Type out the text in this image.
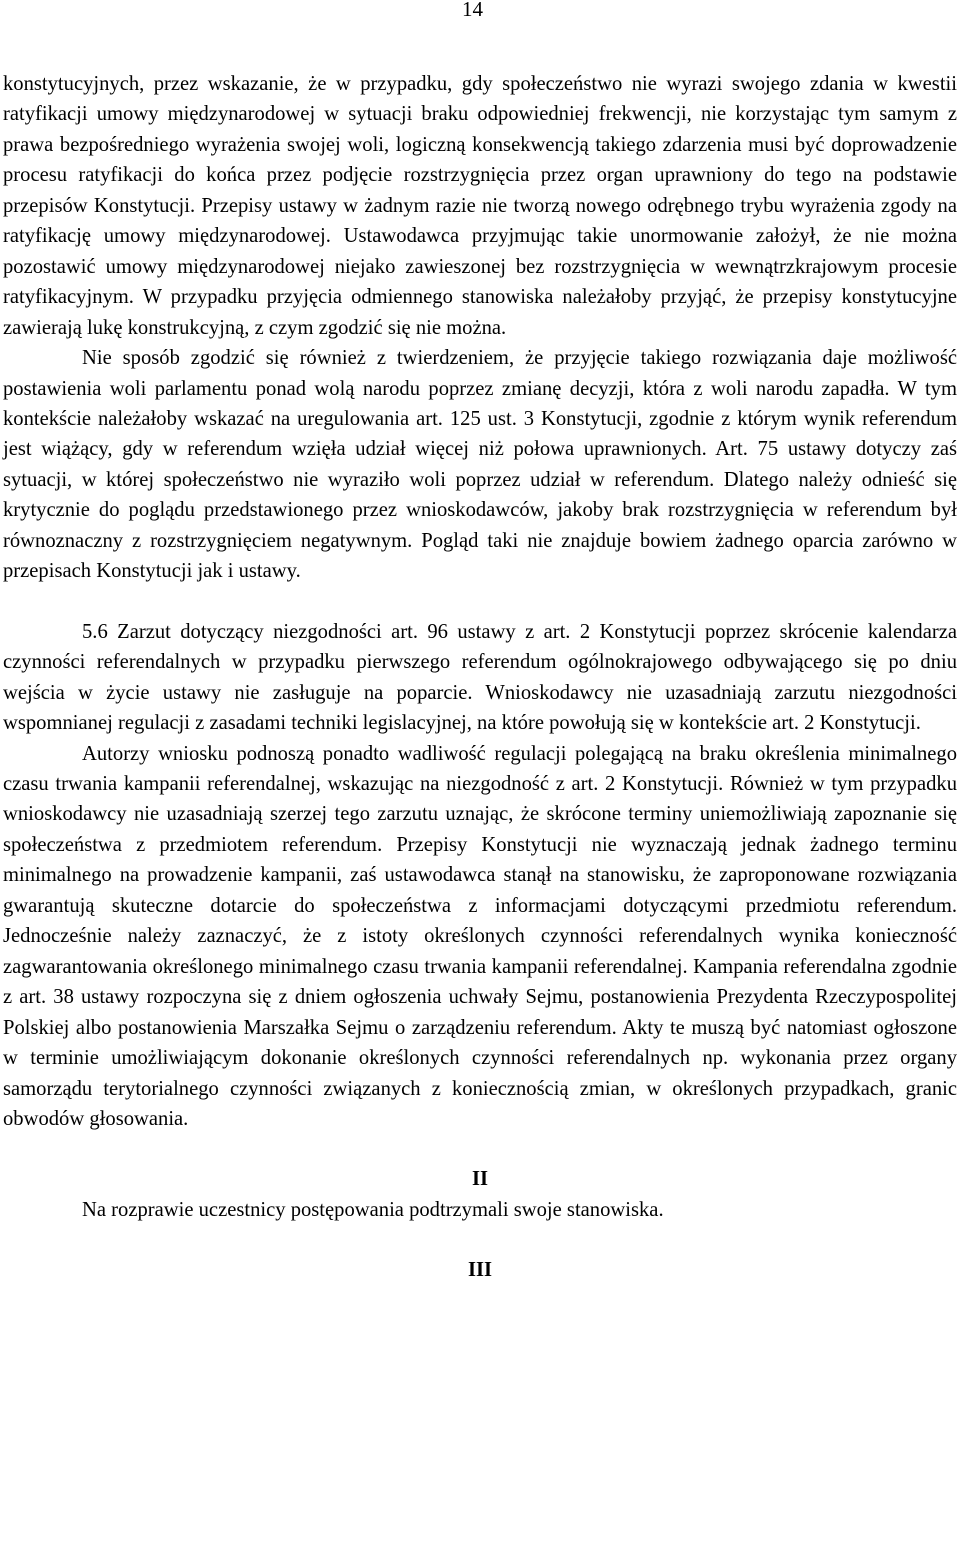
14

konstytucyjnych, przez wskazanie, że w przypadku, gdy społeczeństwo nie wyrazi swojego zdania w kwestii ratyfikacji umowy międzynarodowej w sytuacji braku odpowiedniej frekwencji, nie korzystając tym samym z prawa bezpośredniego wyrażenia swojej woli, logiczną konsekwencją takiego zdarzenia musi być doprowadzenie procesu ratyfikacji do końca przez podjęcie rozstrzygnięcia przez organ uprawniony do tego na podstawie przepisów Konstytucji. Przepisy ustawy w żadnym razie nie tworzą nowego odrębnego trybu wyrażenia zgody na ratyfikację umowy międzynarodowej. Ustawodawca przyjmując takie unormowanie założył, że nie można pozostawić umowy międzynarodowej niejako zawieszonej bez rozstrzygnięcia w wewnątrzkrajowym procesie ratyfikacyjnym. W przypadku przyjęcia odmiennego stanowiska należałoby przyjąć, że przepisy konstytucyjne zawierają lukę konstrukcyjną, z czym zgodzić się nie można.

Nie sposób zgodzić się również z twierdzeniem, że przyjęcie takiego rozwiązania daje możliwość postawienia woli parlamentu ponad wolą narodu poprzez zmianę decyzji, która z woli narodu zapadła. W tym kontekście należałoby wskazać na uregulowania art. 125 ust. 3 Konstytucji, zgodnie z którym wynik referendum jest wiążący, gdy w referendum wzięła udział więcej niż połowa uprawnionych. Art. 75 ustawy dotyczy zaś sytuacji, w której społeczeństwo nie wyraziło woli poprzez udział w referendum. Dlatego należy odnieść się krytycznie do poglądu przedstawionego przez wnioskodawców, jakoby brak rozstrzygnięcia w referendum był równoznaczny z rozstrzygnięciem negatywnym. Pogląd taki nie znajduje bowiem żadnego oparcia zarówno w przepisach Konstytucji jak i ustawy.

5.6 Zarzut dotyczący niezgodności art. 96 ustawy z art. 2 Konstytucji poprzez skrócenie kalendarza czynności referendalnych w przypadku pierwszego referendum ogólnokrajowego odbywającego się po dniu wejścia w życie ustawy nie zasługuje na poparcie. Wnioskodawcy nie uzasadniają zarzutu niezgodności wspomnianej regulacji z zasadami techniki legislacyjnej, na które powołują się w kontekście art. 2 Konstytucji.

Autorzy wniosku podnoszą ponadto wadliwość regulacji polegającą na braku określenia minimalnego czasu trwania kampanii referendalnej, wskazując na niezgodność z art. 2 Konstytucji. Również w tym przypadku wnioskodawcy nie uzasadniają szerzej tego zarzutu uznając, że skrócone terminy uniemożliwiają zapoznanie się społeczeństwa z przedmiotem referendum. Przepisy Konstytucji nie wyznaczają jednak żadnego terminu minimalnego na prowadzenie kampanii, zaś ustawodawca stanął na stanowisku, że zaproponowane rozwiązania gwarantują skuteczne dotarcie do społeczeństwa z informacjami dotyczącymi przedmiotu referendum. Jednocześnie należy zaznaczyć, że z istoty określonych czynności referendalnych wynika konieczność zagwarantowania określonego minimalnego czasu trwania kampanii referendalnej. Kampania referendalna zgodnie z art. 38 ustawy rozpoczyna się z dniem ogłoszenia uchwały Sejmu, postanowienia Prezydenta Rzeczypospolitej Polskiej albo postanowienia Marszałka Sejmu o zarządzeniu referendum. Akty te muszą być natomiast ogłoszone w terminie umożliwiającym dokonanie określonych czynności referendalnych np. wykonania przez organy samorządu terytorialnego czynności związanych z koniecznością zmian, w określonych przypadkach, granic obwodów głosowania.

II

Na rozprawie uczestnicy postępowania podtrzymali swoje stanowiska.

III
